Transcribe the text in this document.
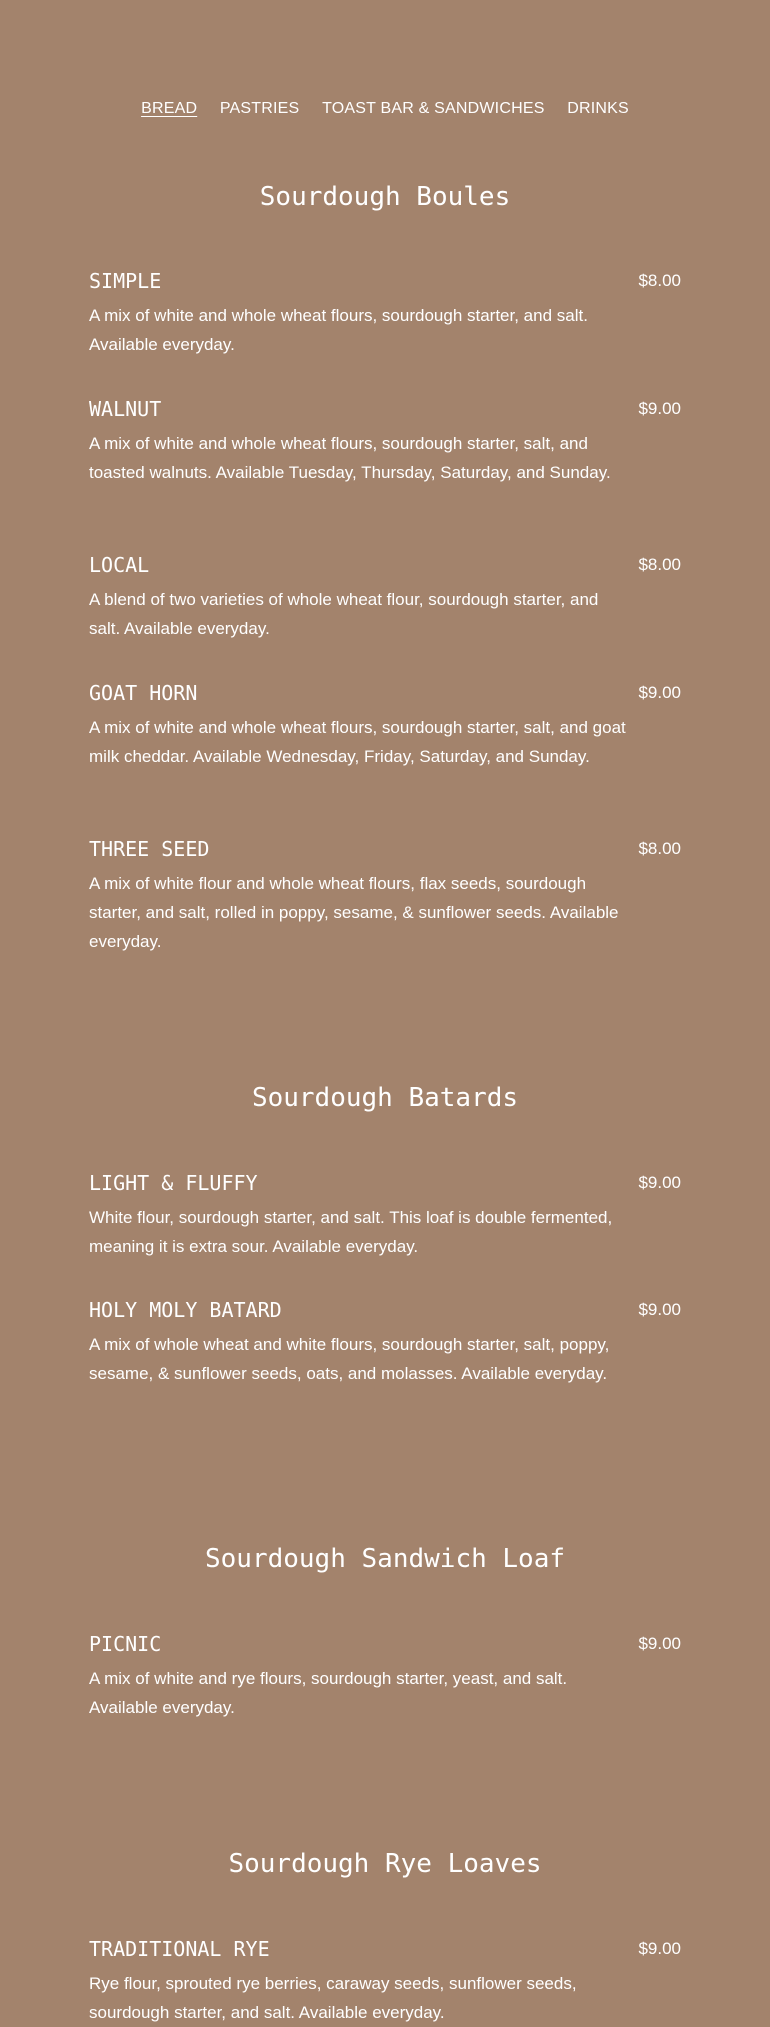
BREAD PASTRIES TOAST BAR & SANDWICHES DRINKS
Sourdough Boules
SIMPLE	$8.00

A mix of white and whole wheat flours, sourdough starter, and salt. Available everyday.

WALNUT	$9.00

A mix of white and whole wheat flours, sourdough starter, salt, and toasted walnuts. Available Tuesday, Thursday, Saturday, and Sunday.

LOCAL	$8.00

A blend of two varieties of whole wheat flour, sourdough starter, and salt. Available everyday.

GOAT HORN	$9.00

A mix of white and whole wheat flours, sourdough starter, salt, and goat milk cheddar. Available Wednesday, Friday, Saturday, and Sunday.

THREE SEED	$8.00

A mix of white flour and whole wheat flours, flax seeds, sourdough starter, and salt, rolled in poppy, sesame, & sunflower seeds. Available everyday.

Sourdough Batards
LIGHT & FLUFFY	$9.00

White flour, sourdough starter, and salt. This loaf is double fermented, meaning it is extra sour. Available everyday.

HOLY MOLY BATARD	$9.00

A mix of whole wheat and white flours, sourdough starter, salt, poppy, sesame, & sunflower seeds, oats, and molasses. Available everyday.

Sourdough Sandwich Loaf
PICNIC	$9.00

A mix of white and rye flours, sourdough starter, yeast, and salt. Available everyday.

Sourdough Rye Loaves
TRADITIONAL RYE	$9.00

Rye flour, sprouted rye berries, caraway seeds, sunflower seeds, sourdough starter, and salt. Available everyday.
